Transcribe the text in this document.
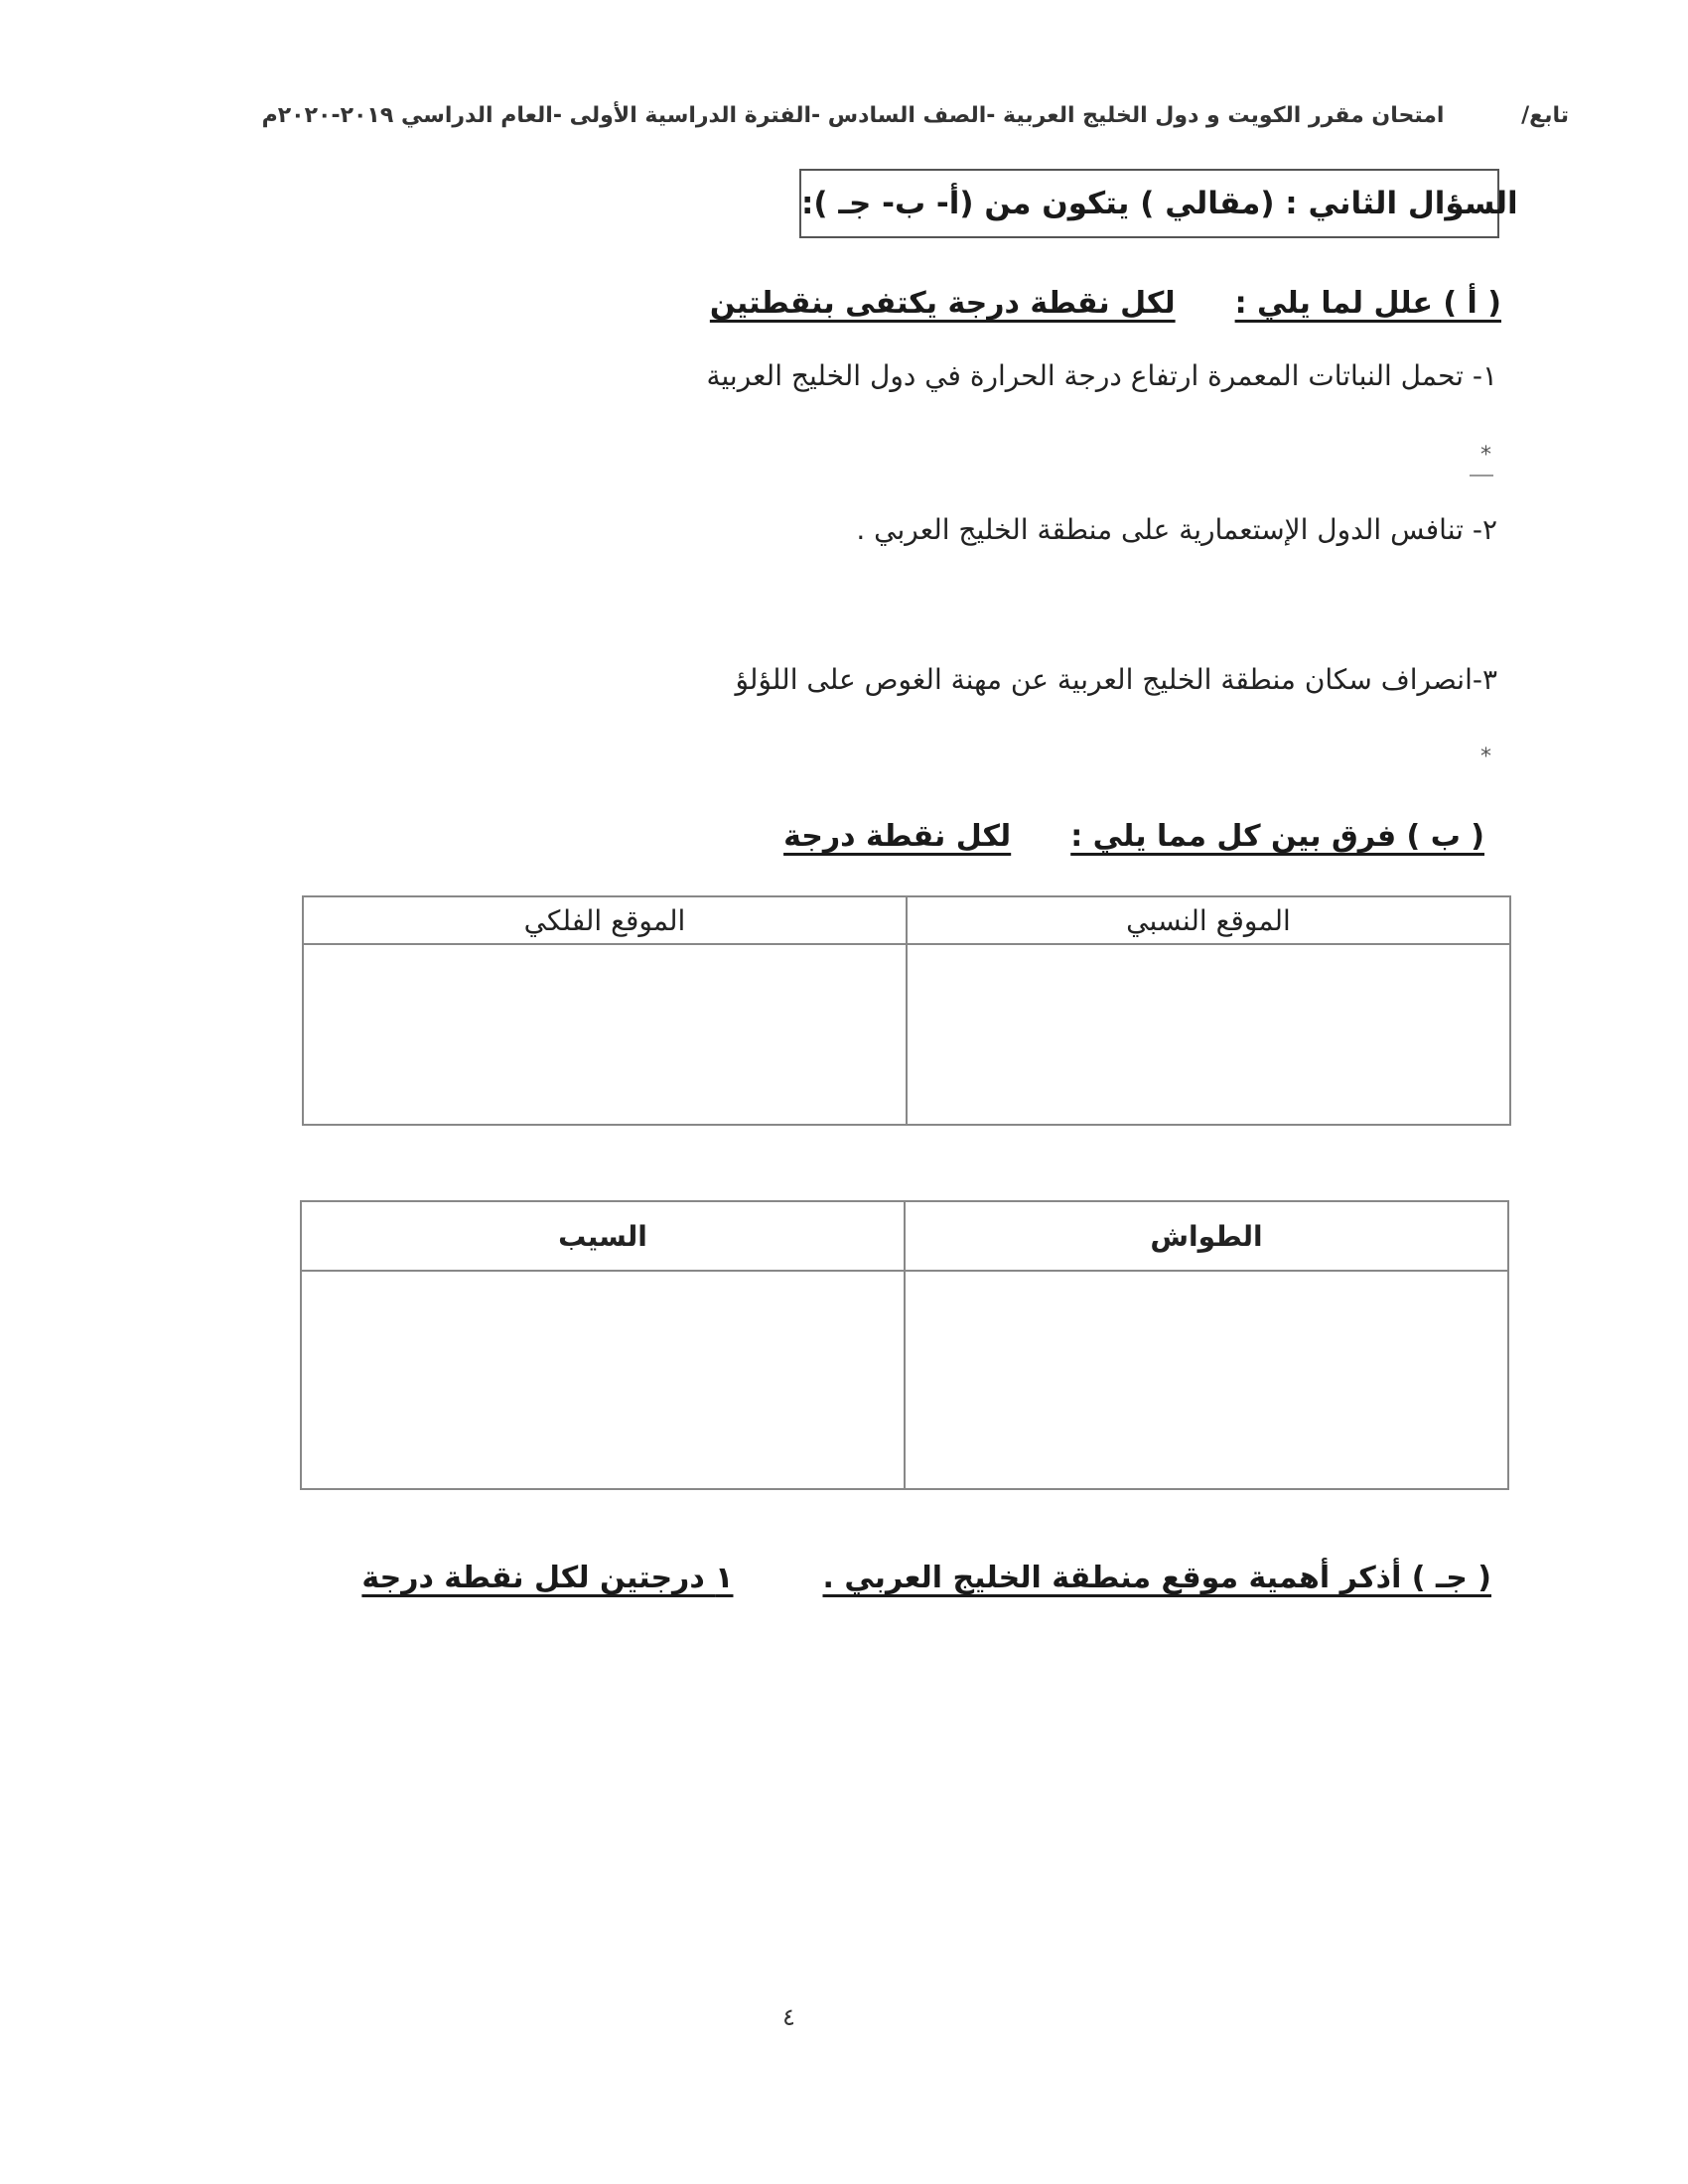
تابع/ امتحان مقرر الكويت و دول الخليج العربية -الصف السادس -الفترة الدراسية الأولى -العام الدراسي ٢٠١٩-٢٠٢٠م
السؤال الثاني : (مقالي ) يتكون من (أ- ب- جـ ):
( أ ) علل لما يلي :لكل نقطة درجة يكتفى بنقطتين
١- تحمل النباتات المعمرة ارتفاع درجة الحرارة في دول الخليج العربية
*
٢- تنافس الدول الإستعمارية على منطقة الخليج العربي .
٣-انصراف سكان منطقة الخليج العربية عن مهنة الغوص على اللؤلؤ
*
( ب ) فرق بين كل مما يلي :لكل نقطة درجة
الموقع الفلكي	الموقع النسبي

السيب	الطواش

( جـ ) أذكر أهمية موقع منطقة الخليج العربي .١ درجتين لكل نقطة درجة
٤
